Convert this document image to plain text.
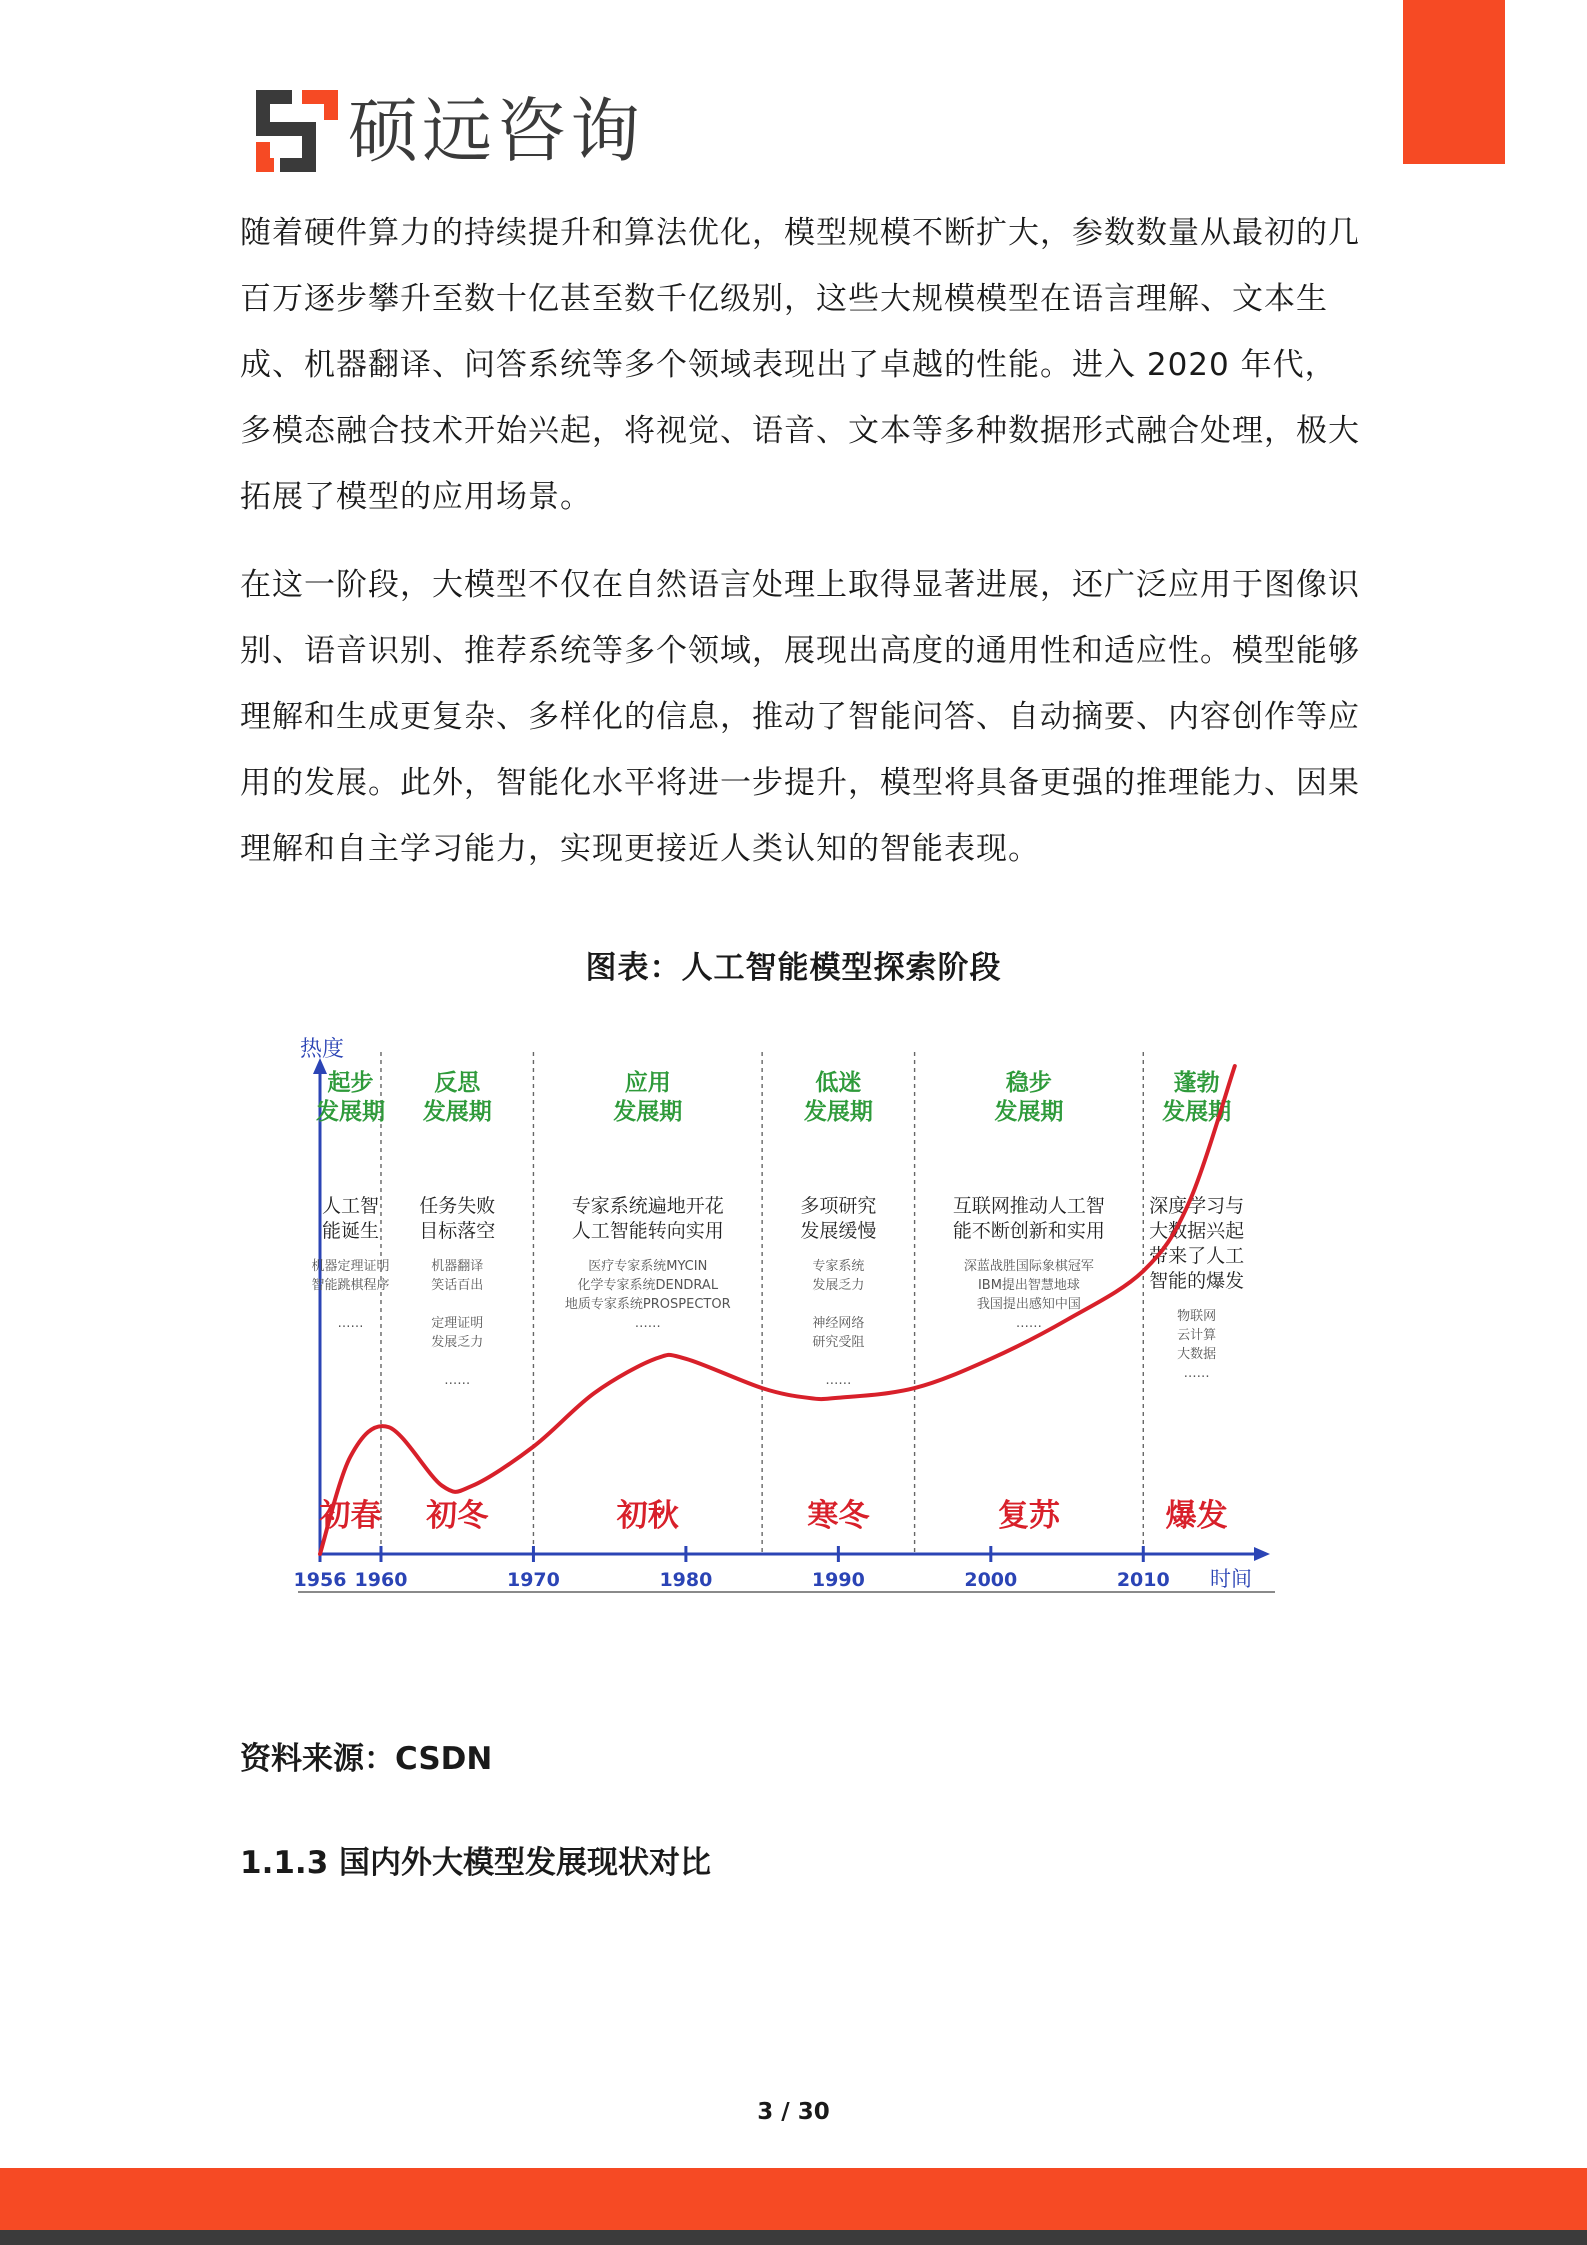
硕远咨询

随着硬件算力的持续提升和算法优化，模型规模不断扩大，参数数量从最初的几百万逐步攀升至数十亿甚至数千亿级别，这些大规模模型在语言理解、文本生成、机器翻译、问答系统等多个领域表现出了卓越的性能。进入 2020 年代，多模态融合技术开始兴起，将视觉、语音、文本等多种数据形式融合处理，极大拓展了模型的应用场景。

在这一阶段，大模型不仅在自然语言处理上取得显著进展，还广泛应用于图像识别、语音识别、推荐系统等多个领域，展现出高度的通用性和适应性。模型能够理解和生成更复杂、多样化的信息，推动了智能问答、自动摘要、内容创作等应用的发展。此外，智能化水平将进一步提升，模型将具备更强的推理能力、因果理解和自主学习能力，实现更接近人类认知的智能表现。

图表：人工智能模型探索阶段
热度
时间
1956 1960	1970	1980	1990	2000	2010
起步
发展期
人工智
能诞生
机器定理证明
智能跳棋程序
……
初春
反思
发展期
任务失败
目标落空
机器翻译
笑话百出
定理证明
发展乏力
……
初冬
应用
发展期
专家系统遍地开花
人工智能转向实用
医疗专家系统MYCIN
化学专家系统DENDRAL
地质专家系统PROSPECTOR
……
初秋
低迷
发展期
多项研究
发展缓慢
专家系统
发展乏力
神经网络
研究受阻
……
寒冬
稳步
发展期
互联网推动人工智
能不断创新和实用
深蓝战胜国际象棋冠军
IBM提出智慧地球
我国提出感知中国
……
复苏
蓬勃
发展期
深度学习与
大数据兴起
带来了人工
智能的爆发
物联网
云计算
大数据
……
爆发
资料来源：CSDN
1.1.3 国内外大模型发展现状对比
3 / 30
